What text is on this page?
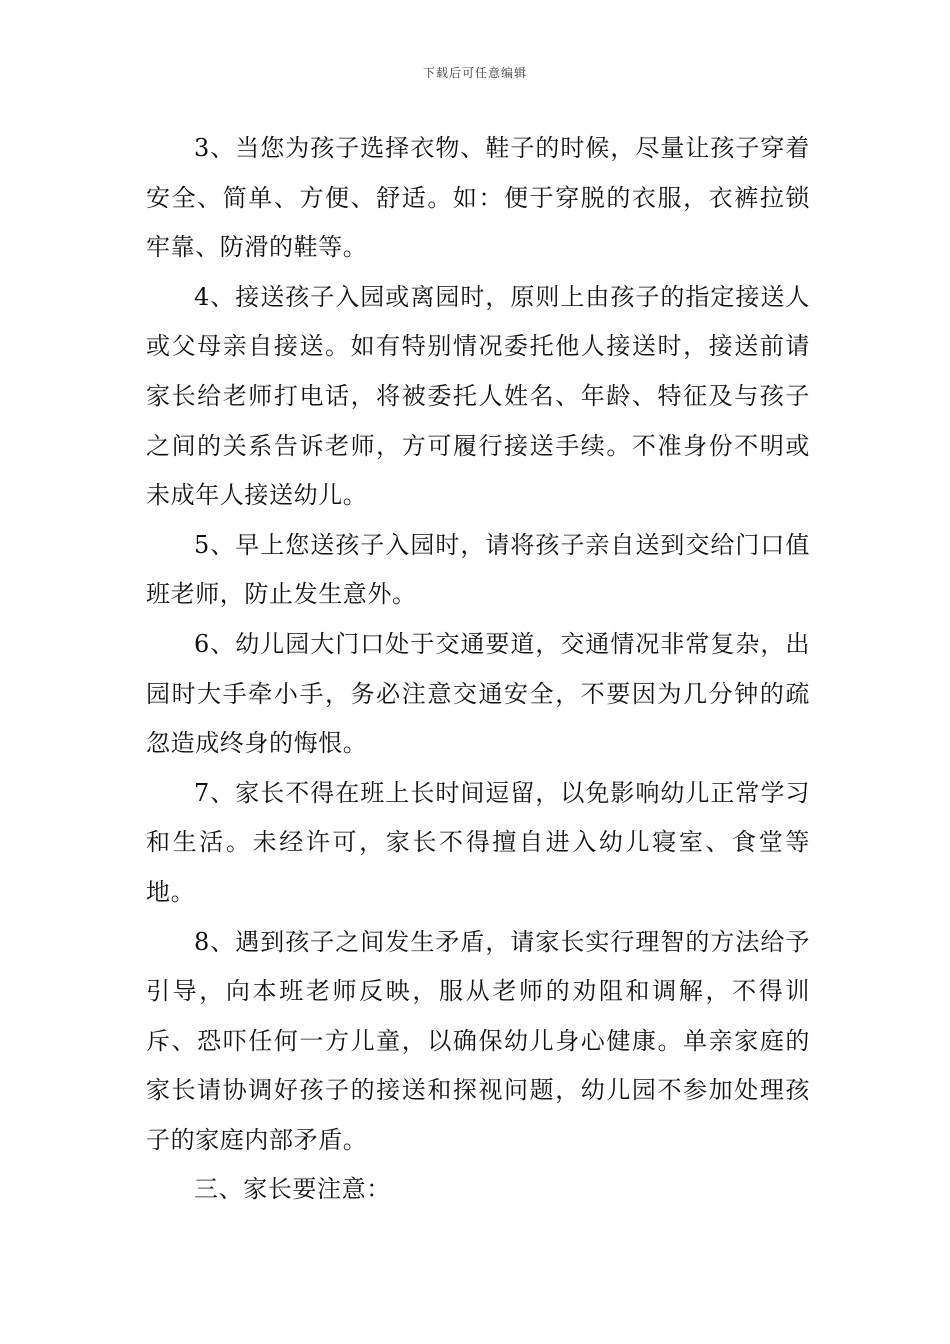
下载后可任意编辑

3、当您为孩子选择衣物、鞋子的时候，尽量让孩子穿着安全、简单、方便、舒适。如：便于穿脱的衣服，衣裤拉锁牢靠、防滑的鞋等。

4、接送孩子入园或离园时，原则上由孩子的指定接送人或父母亲自接送。如有特别情况委托他人接送时，接送前请家长给老师打电话，将被委托人姓名、年龄、特征及与孩子之间的关系告诉老师，方可履行接送手续。不准身份不明或未成年人接送幼儿。

5、早上您送孩子入园时，请将孩子亲自送到交给门口值班老师，防止发生意外。

6、幼儿园大门口处于交通要道，交通情况非常复杂，出园时大手牵小手，务必注意交通安全，不要因为几分钟的疏忽造成终身的悔恨。

7、家长不得在班上长时间逗留，以免影响幼儿正常学习和生活。未经许可，家长不得擅自进入幼儿寝室、食堂等地。

8、遇到孩子之间发生矛盾，请家长实行理智的方法给予引导，向本班老师反映，服从老师的劝阻和调解，不得训斥、恐吓任何一方儿童，以确保幼儿身心健康。单亲家庭的家长请协调好孩子的接送和探视问题，幼儿园不参加处理孩子的家庭内部矛盾。

三、家长要注意：
